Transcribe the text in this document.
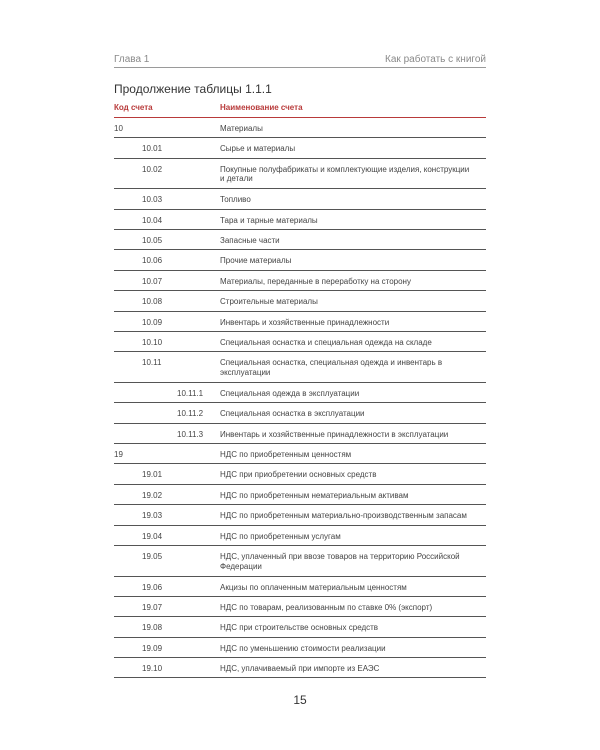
Глава 1	Как работать с книгой
Продолжение таблицы 1.1.1
Код счета	Наименование счета
10	Материалы
10.01	Сырье и материалы
10.02	Покупные полуфабрикаты и комплектующие изделия, конструкции и детали
10.03	Топливо
10.04	Тара и тарные материалы
10.05	Запасные части
10.06	Прочие материалы
10.07	Материалы, переданные в переработку на сторону
10.08	Строительные материалы
10.09	Инвентарь и хозяйственные принадлежности
10.10	Специальная оснастка и специальная одежда на складе
10.11	Специальная оснастка, специальная одежда и инвентарь в эксплуатации
10.11.1	Специальная одежда в эксплуатации
10.11.2	Специальная оснастка в эксплуатации
10.11.3	Инвентарь и хозяйственные принадлежности в эксплуатации
19	НДС по приобретенным ценностям
19.01	НДС при приобретении основных средств
19.02	НДС по приобретенным нематериальным активам
19.03	НДС по приобретенным материально-производственным запасам
19.04	НДС по приобретенным услугам
19.05	НДС, уплаченный при ввозе товаров на территорию Российской Федерации
19.06	Акцизы по оплаченным материальным ценностям
19.07	НДС по товарам, реализованным по ставке 0% (экспорт)
19.08	НДС при строительстве основных средств
19.09	НДС по уменьшению стоимости реализации
19.10	НДС, уплачиваемый при импорте из ЕАЭС
15
